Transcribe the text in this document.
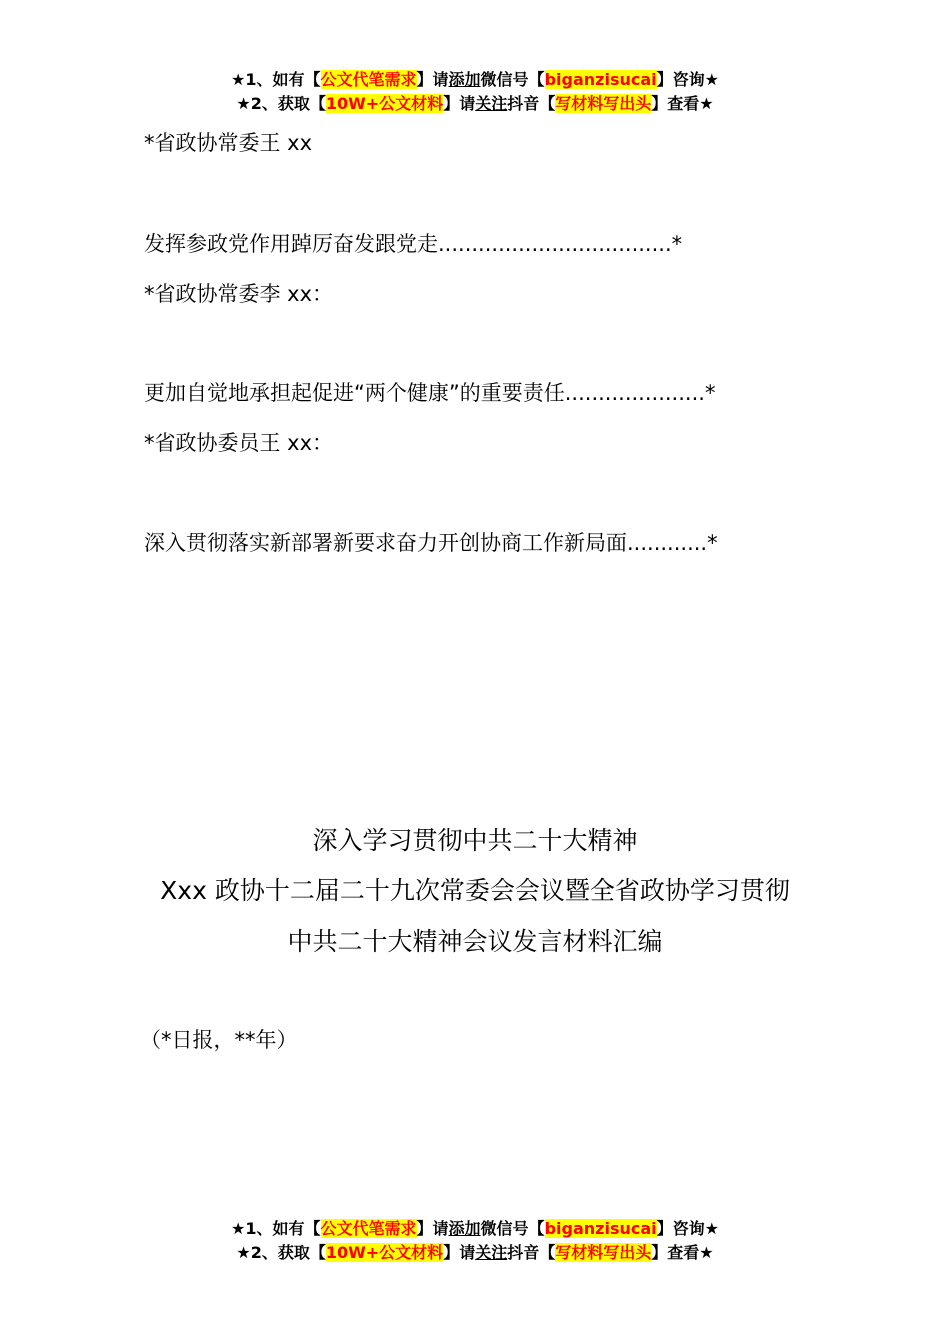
★1、如有【公文代笔需求】请添加微信号【biganzisucai】咨询★
★2、获取【10W+公文材料】请关注抖音【写材料写出头】查看★
*省政协常委王 xx
发挥参政党作用踔厉奋发跟党走...................................*
*省政协常委李 xx：
更加自觉地承担起促进“两个健康”的重要责任.....................*
*省政协委员王 xx：
深入贯彻落实新部署新要求奋力开创协商工作新局面............*
深入学习贯彻中共二十大精神
Xxx 政协十二届二十九次常委会会议暨全省政协学习贯彻
中共二十大精神会议发言材料汇编
（*日报，**年）
★1、如有【公文代笔需求】请添加微信号【biganzisucai】咨询★
★2、获取【10W+公文材料】请关注抖音【写材料写出头】查看★
